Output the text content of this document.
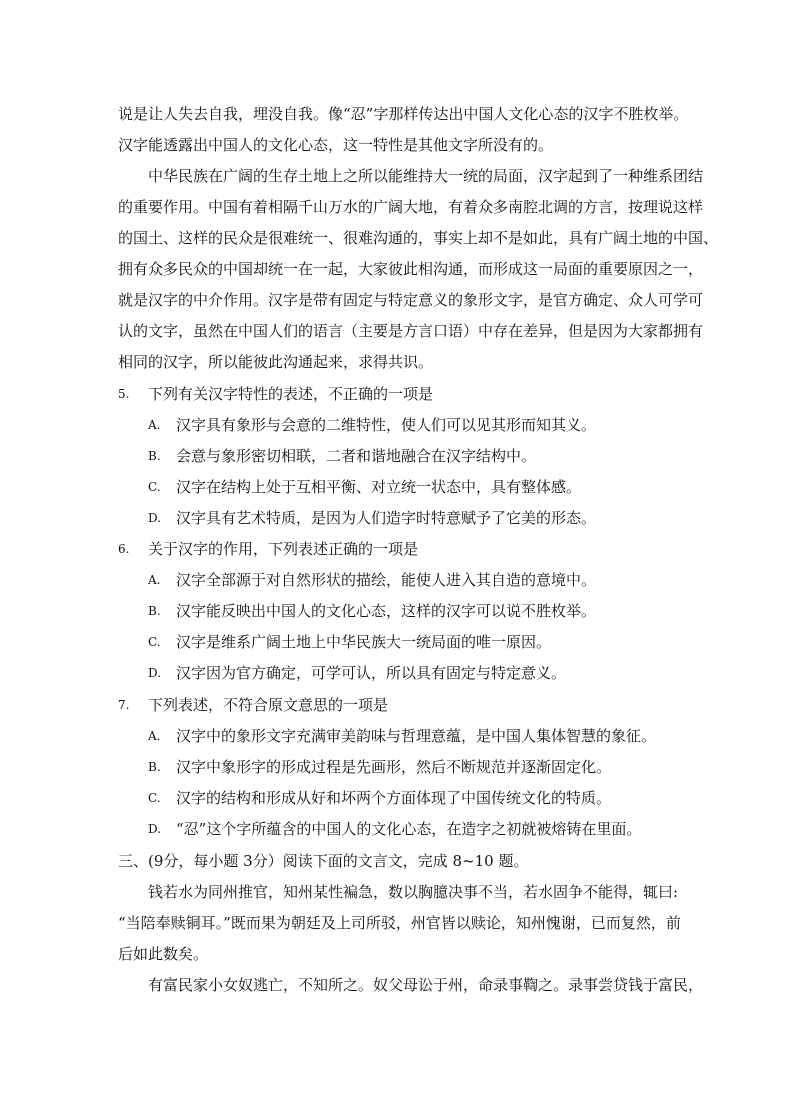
说是让人失去自我，埋没自我。像“忍”字那样传达出中国人文化心态的汉字不胜枚举。
汉字能透露出中国人的文化心态，这一特性是其他文字所没有的。
中华民族在广阔的生存土地上之所以能维持大一统的局面，汉字起到了一种维系团结
的重要作用。中国有着相隔千山万水的广阔大地，有着众多南腔北调的方言，按理说这样
的国土、这样的民众是很难统一、很难沟通的，事实上却不是如此，具有广阔土地的中国、
拥有众多民众的中国却统一在一起，大家彼此相沟通，而形成这一局面的重要原因之一，
就是汉字的中介作用。汉字是带有固定与特定意义的象形文字，是官方确定、众人可学可
认的文字，虽然在中国人们的语言（主要是方言口语）中存在差异，但是因为大家都拥有
相同的汉字，所以能彼此沟通起来，求得共识。
5. 下列有关汉字特性的表述，不正确的一项是
A. 汉字具有象形与会意的二维特性，使人们可以见其形而知其义。
B. 会意与象形密切相联，二者和谐地融合在汉字结构中。
C. 汉字在结构上处于互相平衡、对立统一状态中，具有整体感。
D. 汉字具有艺术特质，是因为人们造字时特意赋予了它美的形态。
6. 关于汉字的作用，下列表述正确的一项是
A. 汉字全部源于对自然形状的描绘，能使人进入其自造的意境中。
B. 汉字能反映出中国人的文化心态，这样的汉字可以说不胜枚举。
C. 汉字是维系广阔土地上中华民族大一统局面的唯一原因。
D. 汉字因为官方确定，可学可认，所以具有固定与特定意义。
7. 下列表述，不符合原文意思的一项是
A. 汉字中的象形文字充满审美韵味与哲理意蕴，是中国人集体智慧的象征。
B. 汉字中象形字的形成过程是先画形，然后不断规范并逐渐固定化。
C. 汉字的结构和形成从好和坏两个方面体现了中国传统文化的特质。
D. “忍”这个字所蕴含的中国人的文化心态，在造字之初就被熔铸在里面。
三、(9分，每小题 3分）阅读下面的文言文，完成 8~10 题。
钱若水为同州推官，知州某性褊急，数以胸臆决事不当，若水固争不能得，辄曰:
“当陪奉赎铜耳。”既而果为朝廷及上司所驳，州官皆以赎论，知州愧谢，已而复然，前
后如此数矣。
有富民家小女奴逃亡，不知所之。奴父母讼于州，命录事鞫之。录事尝贷钱于富民，
